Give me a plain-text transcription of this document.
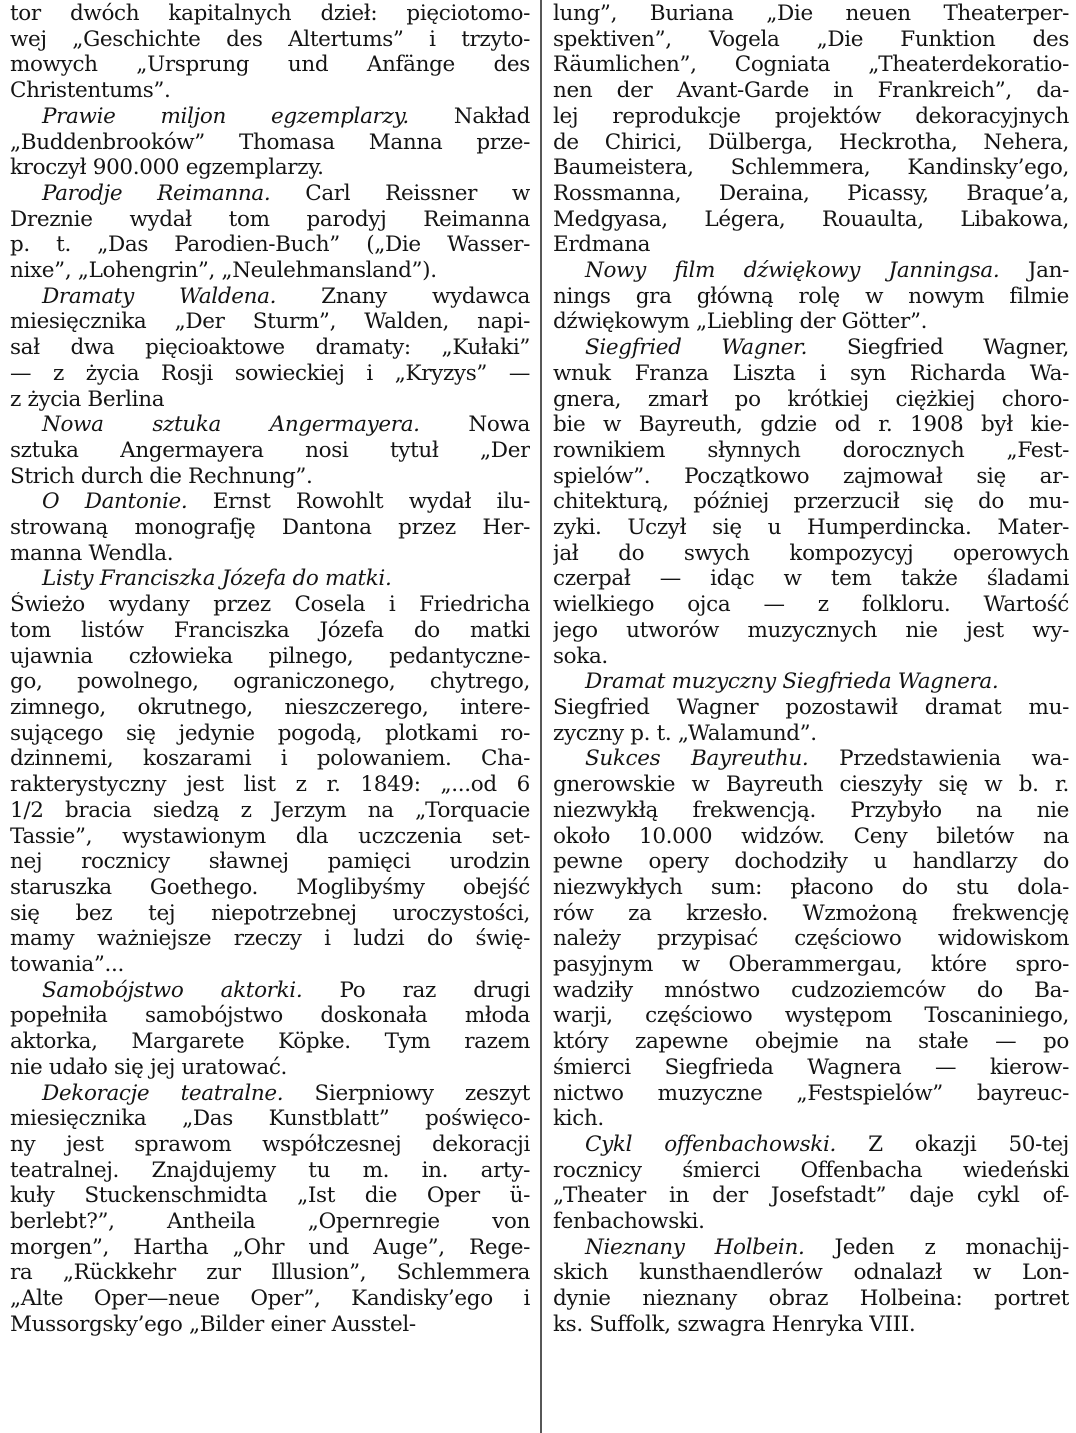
tor dwóch kapitalnych dzieł: pięciotomo-
wej „Geschichte des Altertums” i trzyto-
mowych „Ursprung und Anfänge des
Christentums”.
Prawie miljon egzemplarzy. Nakład
„Buddenbrooków” Thomasa Manna prze-
kroczył 900.000 egzemplarzy.
Parodje Reimanna. Carl Reissner w
Dreznie wydał tom parodyj Reimanna
p. t. „Das Parodien-Buch” („Die Wasser-
nixe”, „Lohengrin”, „Neulehmansland”).
Dramaty Waldena. Znany wydawca
miesięcznika „Der Sturm”, Walden, napi-
sał dwa pięcioaktowe dramaty: „Kułaki”
— z życia Rosji sowieckiej i „Kryzys” —
z życia Berlina
Nowa sztuka Angermayera. Nowa
sztuka Angermayera nosi tytuł „Der
Strich durch die Rechnung”.
O Dantonie. Ernst Rowohlt wydał ilu-
strowaną monografję Dantona przez Her-
manna Wendla.
Listy Franciszka Józefa do matki.
Świeżo wydany przez Cosela i Friedricha
tom listów Franciszka Józefa do matki
ujawnia człowieka pilnego, pedantyczne-
go, powolnego, ograniczonego, chytrego,
zimnego, okrutnego, nieszczerego, intere-
sującego się jedynie pogodą, plotkami ro-
dzinnemi, koszarami i polowaniem. Cha-
rakterystyczny jest list z r. 1849: „...od 6
1/2 bracia siedzą z Jerzym na „Torquacie
Tassie”, wystawionym dla uczczenia set-
nej rocznicy sławnej pamięci urodzin
staruszka Goethego. Moglibyśmy obejść
się bez tej niepotrzebnej uroczystości,
mamy ważniejsze rzeczy i ludzi do świę-
towania”...
Samobójstwo aktorki. Po raz drugi
popełniła samobójstwo doskonała młoda
aktorka, Margarete Köpke. Tym razem
nie udało się jej uratować.
Dekoracje teatralne. Sierpniowy zeszyt
miesięcznika „Das Kunstblatt” poświęco-
ny jest sprawom współczesnej dekoracji
teatralnej. Znajdujemy tu m. in. arty-
kuły Stuckenschmidta „Ist die Oper ü-
berlebt?”, Antheila „Opernregie von
morgen”, Hartha „Ohr und Auge”, Rege-
ra „Rückkehr zur Illusion”, Schlemmera
„Alte Oper—neue Oper”, Kandisky’ego i
Mussorgsky’ego „Bilder einer Ausstel-
lung”, Buriana „Die neuen Theaterper-
spektiven”, Vogela „Die Funktion des
Räumlichen”, Cogniata „Theaterdekoratio-
nen der Avant-Garde in Frankreich”, da-
lej reprodukcje projektów dekoracyjnych
de Chirici, Dülberga, Heckrotha, Nehera,
Baumeistera, Schlemmera, Kandinsky’ego,
Rossmanna, Deraina, Picassy, Braque’a,
Medgyasa, Légera, Rouaulta, Libakowa,
Erdmana
Nowy film dźwiękowy Janningsa. Jan-
nings gra główną rolę w nowym filmie
dźwiękowym „Liebling der Götter”.
Siegfried Wagner. Siegfried Wagner,
wnuk Franza Liszta i syn Richarda Wa-
gnera, zmarł po krótkiej ciężkiej choro-
bie w Bayreuth, gdzie od r. 1908 był kie-
rownikiem słynnych dorocznych „Fest-
spielów”. Początkowo zajmował się ar-
chitekturą, później przerzucił się do mu-
zyki. Uczył się u Humperdincka. Mater-
jał do swych kompozycyj operowych
czerpał — idąc w tem także śladami
wielkiego ojca — z folkloru. Wartość
jego utworów muzycznych nie jest wy-
soka.
Dramat muzyczny Siegfrieda Wagnera.
Siegfried Wagner pozostawił dramat mu-
zyczny p. t. „Walamund”.
Sukces Bayreuthu. Przedstawienia wa-
gnerowskie w Bayreuth cieszyły się w b. r.
niezwykłą frekwencją. Przybyło na nie
około 10.000 widzów. Ceny biletów na
pewne opery dochodziły u handlarzy do
niezwykłych sum: płacono do stu dola-
rów za krzesło. Wzmożoną frekwencję
należy przypisać częściowo widowiskom
pasyjnym w Oberammergau, które spro-
wadziły mnóstwo cudzoziemców do Ba-
warji, częściowo występom Toscaniniego,
który zapewne obejmie na stałe — po
śmierci Siegfrieda Wagnera — kierow-
nictwo muzyczne „Festspielów” bayreuc-
kich.
Cykl offenbachowski. Z okazji 50-tej
rocznicy śmierci Offenbacha wiedeński
„Theater in der Josefstadt” daje cykl of-
fenbachowski.
Nieznany Holbein. Jeden z monachij-
skich kunsthaendlerów odnalazł w Lon-
dynie nieznany obraz Holbeina: portret
ks. Suffolk, szwagra Henryka VIII.
